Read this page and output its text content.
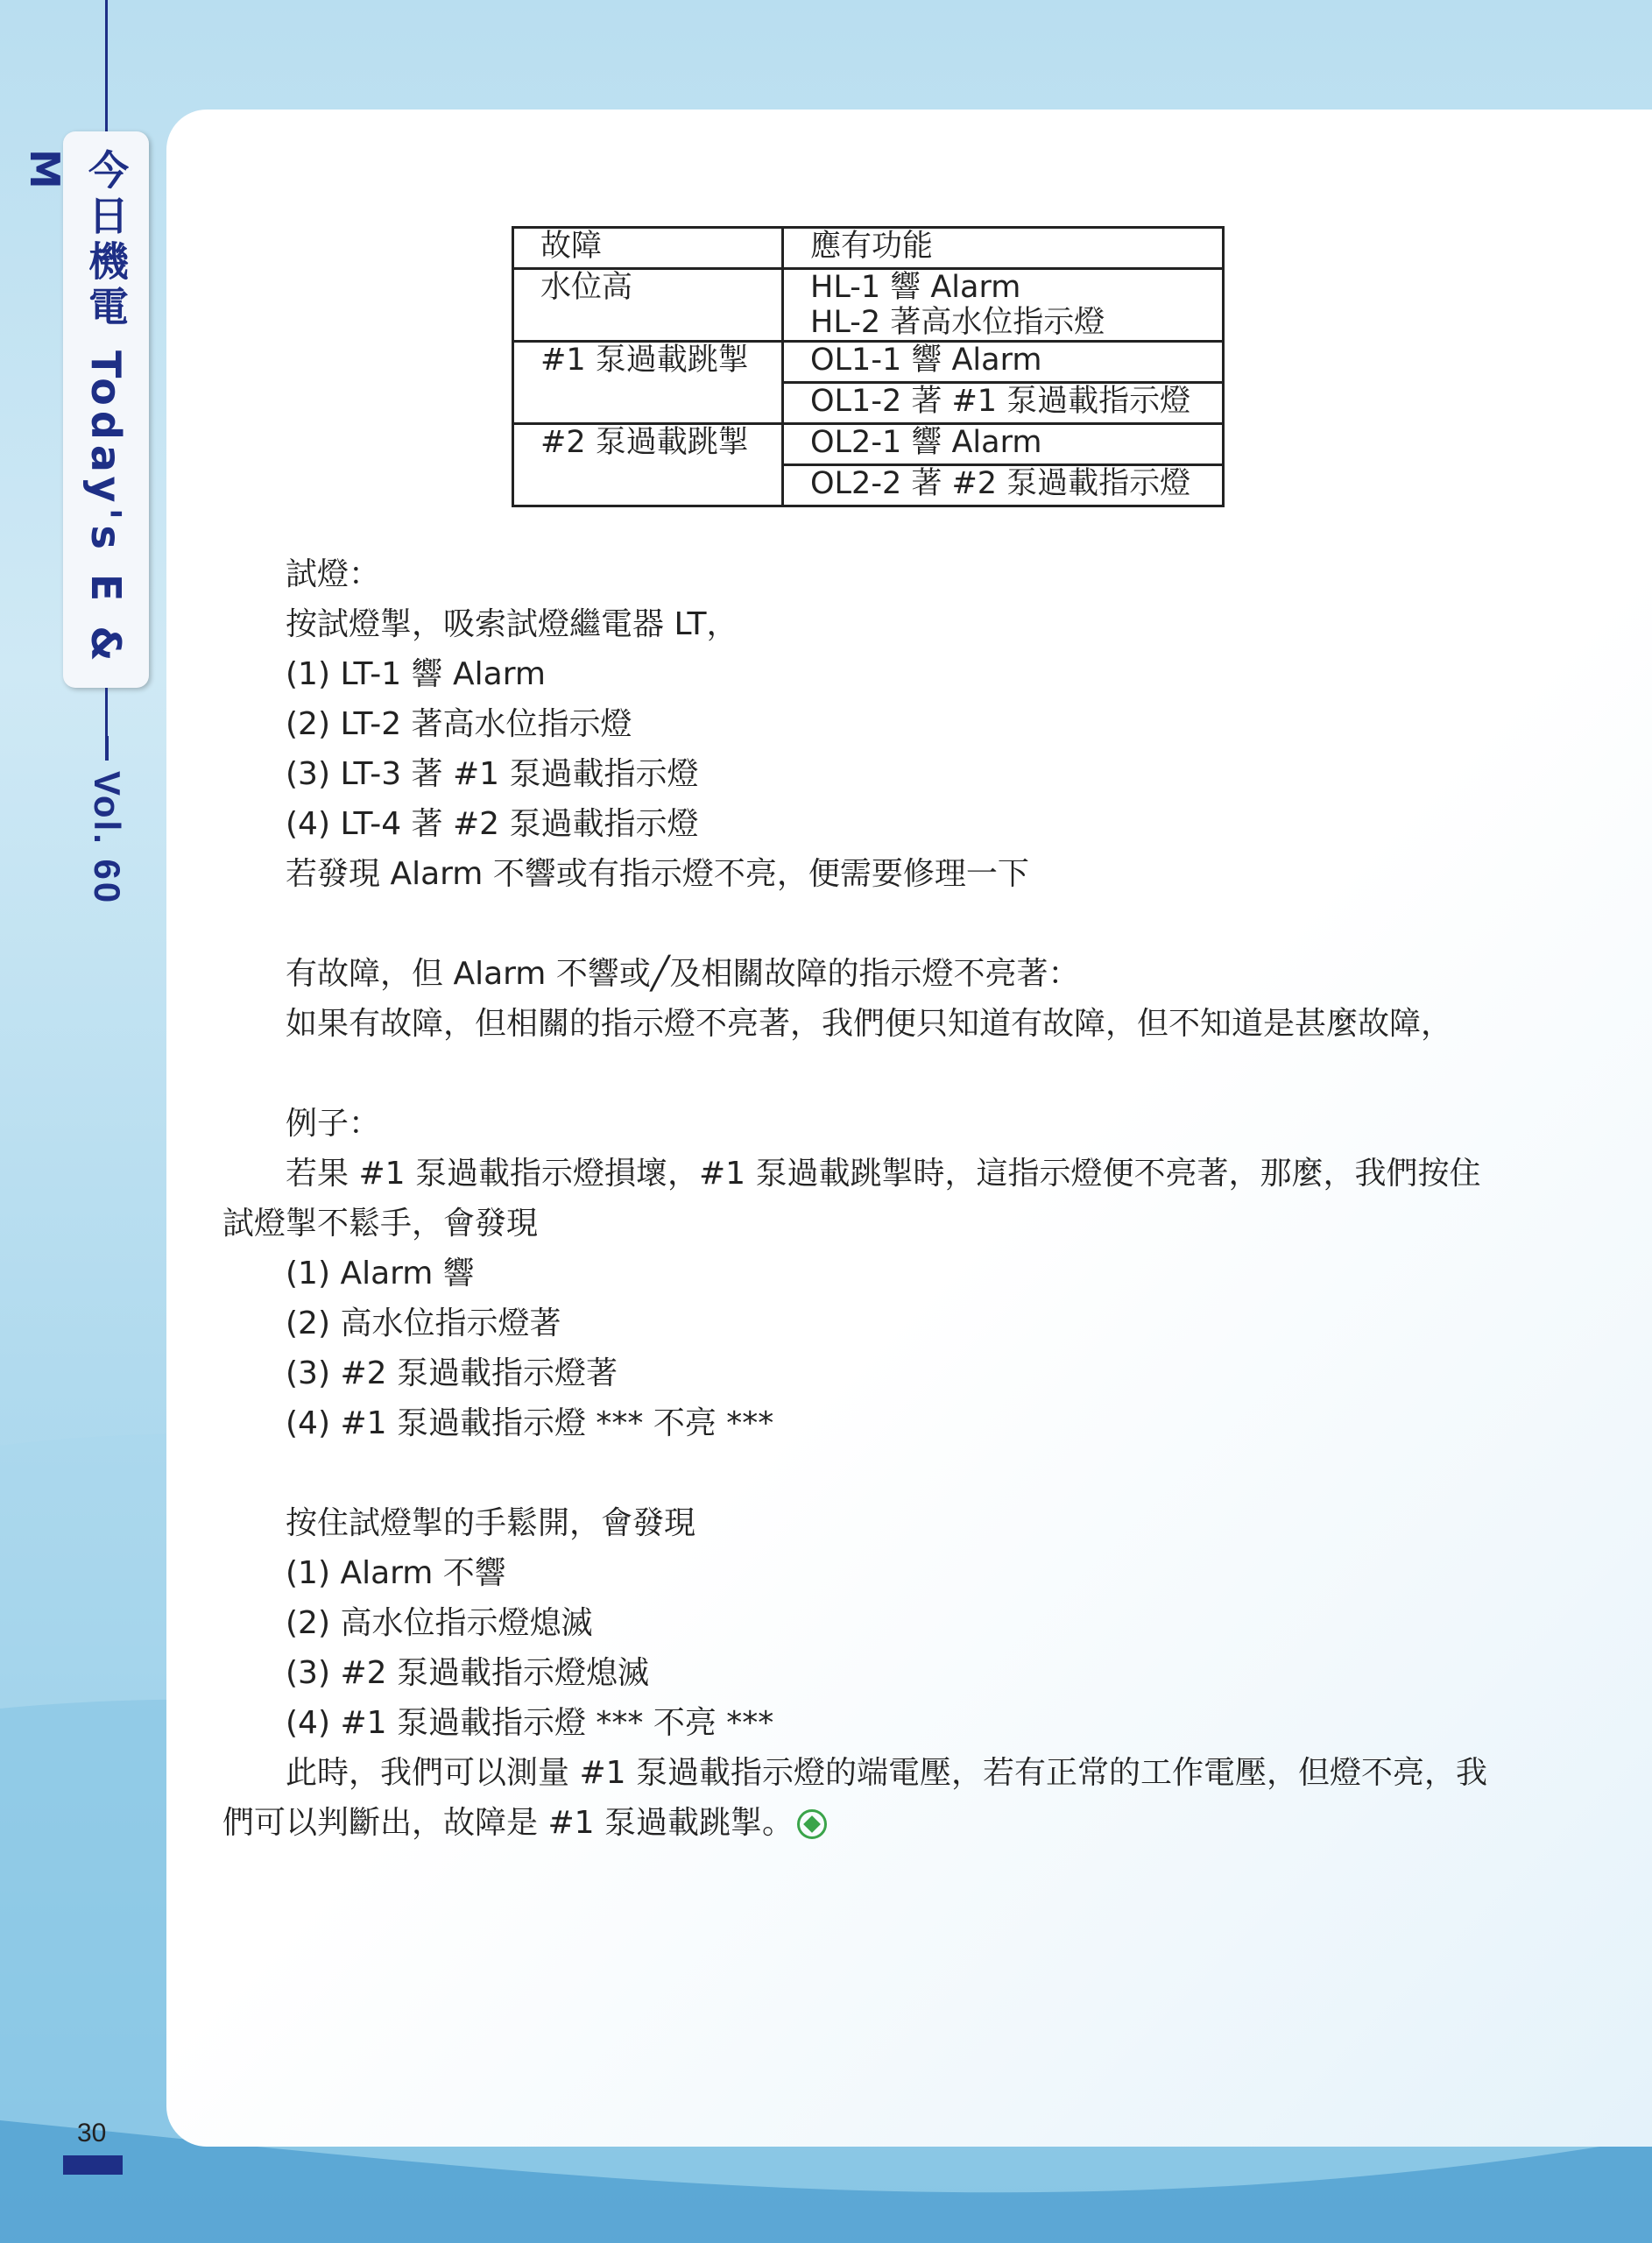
今日機電 Today's E & M
Vol. 60
30
故障	應有功能
水位高	HL-1 響 Alarm
HL-2 著高水位指示燈

#1 泵過載跳掣	OL1-1 響 Alarm
	OL1-2 著 #1 泵過載指示燈
#2 泵過載跳掣	OL2-1 響 Alarm
	OL2-2 著 #2 泵過載指示燈

試燈：

按試燈掣，吸索試燈繼電器 LT，

(1) LT-1 響 Alarm

(2) LT-2 著高水位指示燈

(3) LT-3 著 #1 泵過載指示燈

(4) LT-4 著 #2 泵過載指示燈

若發現 Alarm 不響或有指示燈不亮，便需要修理一下

有故障，但 Alarm 不響或╱及相關故障的指示燈不亮著：

如果有故障，但相關的指示燈不亮著，我們便只知道有故障，但不知道是甚麼故障，

例子：

若果 #1 泵過載指示燈損壞，#1 泵過載跳掣時，這指示燈便不亮著，那麼，我們按住試燈掣不鬆手，會發現

(1) Alarm 響

(2) 高水位指示燈著

(3) #2 泵過載指示燈著

(4) #1 泵過載指示燈 *** 不亮 ***

按住試燈掣的手鬆開，會發現

(1) Alarm 不響

(2) 高水位指示燈熄滅

(3) #2 泵過載指示燈熄滅

(4) #1 泵過載指示燈 *** 不亮 ***

此時，我們可以測量 #1 泵過載指示燈的端電壓，若有正常的工作電壓，但燈不亮，我們可以判斷出，故障是 #1 泵過載跳掣。
